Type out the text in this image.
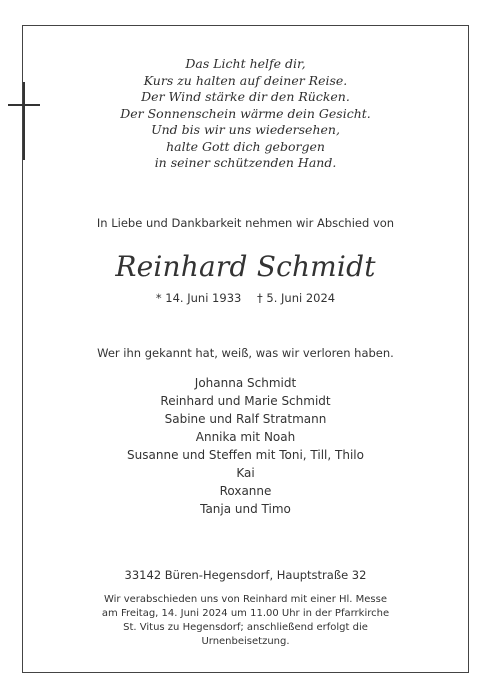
Das Licht helfe dir,
Kurs zu halten auf deiner Reise.
Der Wind stärke dir den Rücken.
Der Sonnenschein wärme dein Gesicht.
Und bis wir uns wiedersehen,
halte Gott dich geborgen
in seiner schützenden Hand.
In Liebe und Dankbarkeit nehmen wir Abschied von
Reinhard Schmidt
* 14. Juni 1933 † 5. Juni 2024
Wer ihn gekannt hat, weiß, was wir verloren haben.
Johanna Schmidt
Reinhard und Marie Schmidt
Sabine und Ralf Stratmann
Annika mit Noah
Susanne und Steffen mit Toni, Till, Thilo
Kai
Roxanne
Tanja und Timo
33142 Büren-Hegensdorf, Hauptstraße 32
Wir verabschieden uns von Reinhard mit einer Hl. Messe
am Freitag, 14. Juni 2024 um 11.00 Uhr in der Pfarrkirche
St. Vitus zu Hegensdorf; anschließend erfolgt die
Urnenbeisetzung.
